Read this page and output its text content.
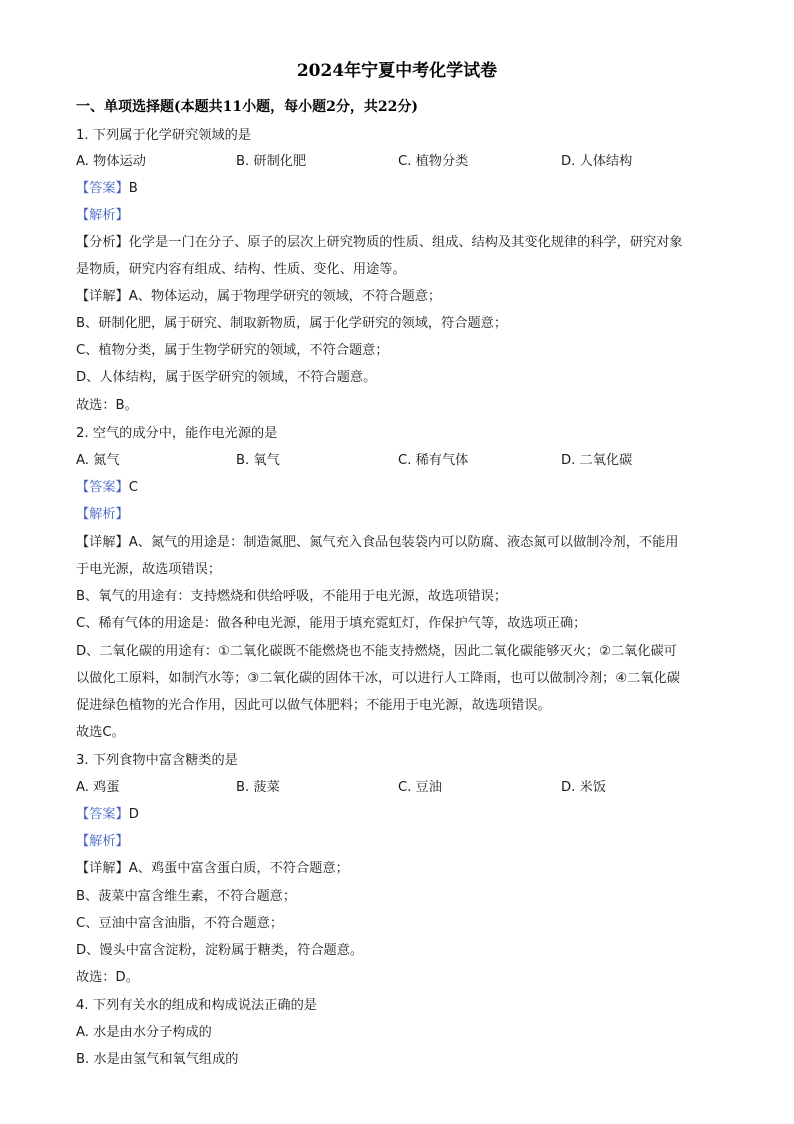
2024年宁夏中考化学试卷
一、单项选择题(本题共11小题，每小题2分，共22分)
1. 下列属于化学研究领域的是
A. 物体运动	B. 研制化肥	C. 植物分类	D. 人体结构
【答案】B
【解析】
【分析】化学是一门在分子、原子的层次上研究物质的性质、组成、结构及其变化规律的科学，研究对象
是物质，研究内容有组成、结构、性质、变化、用途等。
【详解】A、物体运动，属于物理学研究的领域，不符合题意；
B、研制化肥，属于研究、制取新物质，属于化学研究的领域，符合题意；
C、植物分类，属于生物学研究的领域，不符合题意；
D、人体结构，属于医学研究的领域，不符合题意。
故选：B。
2. 空气的成分中，能作电光源的是
A. 氮气	B. 氧气	C. 稀有气体	D. 二氧化碳
【答案】C
【解析】
【详解】A、氮气的用途是：制造氮肥、氮气充入食品包装袋内可以防腐、液态氮可以做制冷剂，不能用
于电光源，故选项错误；
B、氧气的用途有：支持燃烧和供给呼吸，不能用于电光源，故选项错误；
C、稀有气体的用途是：做各种电光源，能用于填充霓虹灯，作保护气等，故选项正确；
D、二氧化碳的用途有：①二氧化碳既不能燃烧也不能支持燃烧，因此二氧化碳能够灭火；②二氧化碳可
以做化工原料，如制汽水等；③二氧化碳的固体干冰，可以进行人工降雨，也可以做制冷剂；④二氧化碳
促进绿色植物的光合作用，因此可以做气体肥料；不能用于电光源，故选项错误。
故选C。
3. 下列食物中富含糖类的是
A. 鸡蛋	B. 菠菜	C. 豆油	D. 米饭
【答案】D
【解析】
【详解】A、鸡蛋中富含蛋白质，不符合题意；
B、菠菜中富含维生素，不符合题意；
C、豆油中富含油脂，不符合题意；
D、馒头中富含淀粉，淀粉属于糖类，符合题意。
故选：D。
4. 下列有关水的组成和构成说法正确的是
A. 水是由水分子构成的
B. 水是由氢气和氧气组成的
